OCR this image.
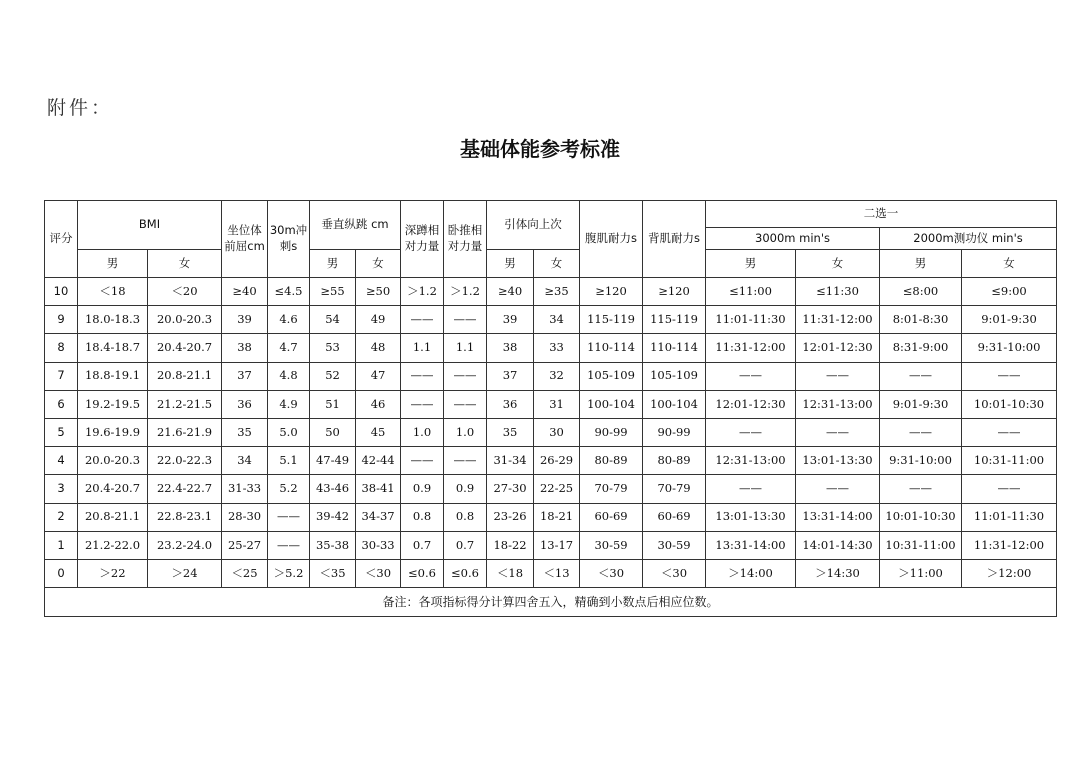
附件：
基础体能参考标准
评分	BMI		坐位体前屈cm	30m冲刺s	垂直纵跳 cm		深蹲相对力量	卧推相对力量	引体向上次		腹肌耐力s	背肌耐力s	二选一			
													3000m min's		2000m测功仪 min's	
	男	女			男	女			男	女			男	女	男	女
10	＜18	＜20	≥40	≤4.5	≥55	≥50	＞1.2	＞1.2	≥40	≥35	≥120	≥120	≤11:00	≤11:30	≤8:00	≤9:00
9	18.0-18.3	20.0-20.3	39	4.6	54	49	——	——	39	34	115-119	115-119	11:01-11:30	11:31-12:00	8:01-8:30	9:01-9:30
8	18.4-18.7	20.4-20.7	38	4.7	53	48	1.1	1.1	38	33	110-114	110-114	11:31-12:00	12:01-12:30	8:31-9:00	9:31-10:00
7	18.8-19.1	20.8-21.1	37	4.8	52	47	——	——	37	32	105-109	105-109	——	——	——	——
6	19.2-19.5	21.2-21.5	36	4.9	51	46	——	——	36	31	100-104	100-104	12:01-12:30	12:31-13:00	9:01-9:30	10:01-10:30
5	19.6-19.9	21.6-21.9	35	5.0	50	45	1.0	1.0	35	30	90-99	90-99	——	——	——	——
4	20.0-20.3	22.0-22.3	34	5.1	47-49	42-44	——	——	31-34	26-29	80-89	80-89	12:31-13:00	13:01-13:30	9:31-10:00	10:31-11:00
3	20.4-20.7	22.4-22.7	31-33	5.2	43-46	38-41	0.9	0.9	27-30	22-25	70-79	70-79	——	——	——	——
2	20.8-21.1	22.8-23.1	28-30	——	39-42	34-37	0.8	0.8	23-26	18-21	60-69	60-69	13:01-13:30	13:31-14:00	10:01-10:30	11:01-11:30
1	21.2-22.0	23.2-24.0	25-27	——	35-38	30-33	0.7	0.7	18-22	13-17	30-59	30-59	13:31-14:00	14:01-14:30	10:31-11:00	11:31-12:00
0	＞22	＞24	＜25	＞5.2	＜35	＜30	≤0.6	≤0.6	＜18	＜13	＜30	＜30	＞14:00	＞14:30	＞11:00	＞12:00
备注：各项指标得分计算四舍五入，精确到小数点后相应位数。																
